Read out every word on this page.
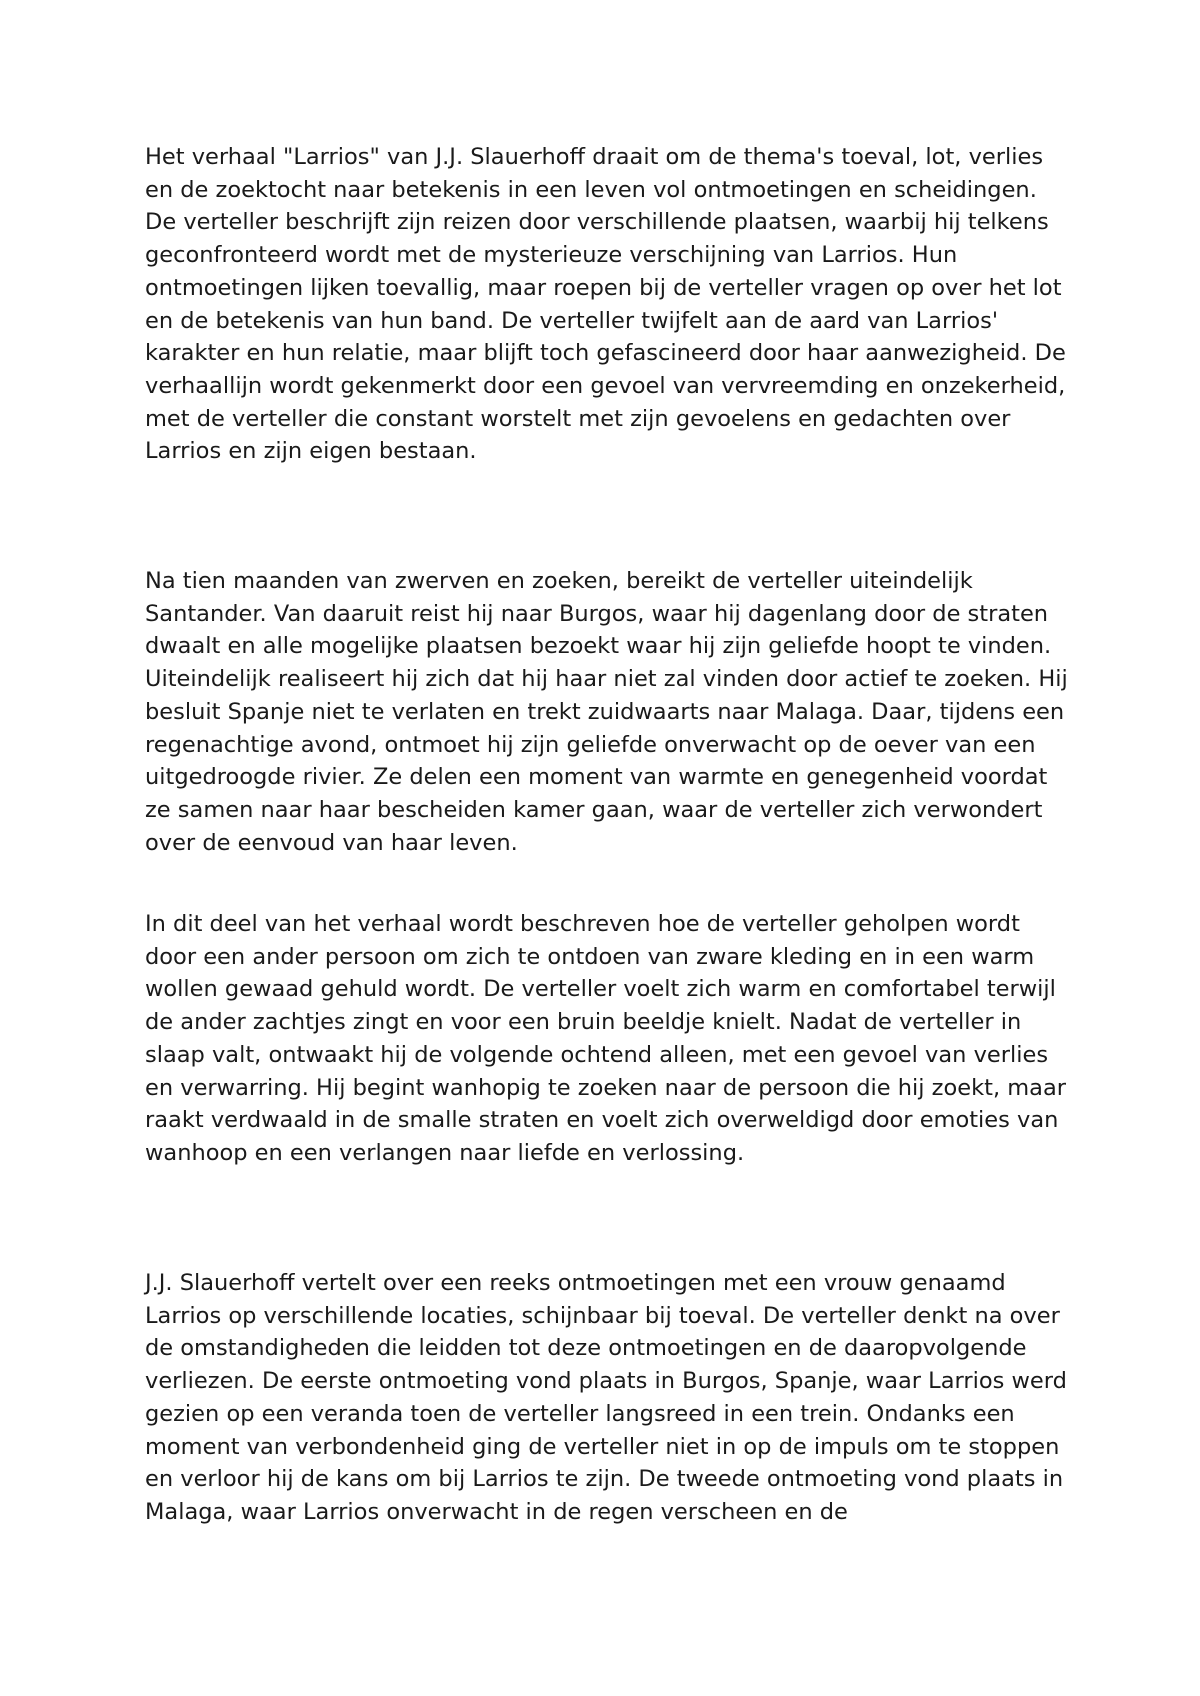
Het verhaal "Larrios" van J.J. Slauerhoff draait om de thema's toeval, lot, verlies en de zoektocht naar betekenis in een leven vol ontmoetingen en scheidingen. De verteller beschrijft zijn reizen door verschillende plaatsen, waarbij hij telkens geconfronteerd wordt met de mysterieuze verschijning van Larrios. Hun ontmoetingen lijken toevallig, maar roepen bij de verteller vragen op over het lot en de betekenis van hun band. De verteller twijfelt aan de aard van Larrios' karakter en hun relatie, maar blijft toch gefascineerd door haar aanwezigheid. De verhaallijn wordt gekenmerkt door een gevoel van vervreemding en onzekerheid, met de verteller die constant worstelt met zijn gevoelens en gedachten over Larrios en zijn eigen bestaan.

Na tien maanden van zwerven en zoeken, bereikt de verteller uiteindelijk Santander. Van daaruit reist hij naar Burgos, waar hij dagenlang door de straten dwaalt en alle mogelijke plaatsen bezoekt waar hij zijn geliefde hoopt te vinden. Uiteindelijk realiseert hij zich dat hij haar niet zal vinden door actief te zoeken. Hij besluit Spanje niet te verlaten en trekt zuidwaarts naar Malaga. Daar, tijdens een regenachtige avond, ontmoet hij zijn geliefde onverwacht op de oever van een uitgedroogde rivier. Ze delen een moment van warmte en genegenheid voordat ze samen naar haar bescheiden kamer gaan, waar de verteller zich verwondert over de eenvoud van haar leven.

In dit deel van het verhaal wordt beschreven hoe de verteller geholpen wordt door een ander persoon om zich te ontdoen van zware kleding en in een warm wollen gewaad gehuld wordt. De verteller voelt zich warm en comfortabel terwijl de ander zachtjes zingt en voor een bruin beeldje knielt. Nadat de verteller in slaap valt, ontwaakt hij de volgende ochtend alleen, met een gevoel van verlies en verwarring. Hij begint wanhopig te zoeken naar de persoon die hij zoekt, maar raakt verdwaald in de smalle straten en voelt zich overweldigd door emoties van wanhoop en een verlangen naar liefde en verlossing.

J.J. Slauerhoff vertelt over een reeks ontmoetingen met een vrouw genaamd Larrios op verschillende locaties, schijnbaar bij toeval. De verteller denkt na over de omstandigheden die leidden tot deze ontmoetingen en de daaropvolgende verliezen. De eerste ontmoeting vond plaats in Burgos, Spanje, waar Larrios werd gezien op een veranda toen de verteller langsreed in een trein. Ondanks een moment van verbondenheid ging de verteller niet in op de impuls om te stoppen en verloor hij de kans om bij Larrios te zijn. De tweede ontmoeting vond plaats in Malaga, waar Larrios onverwacht in de regen verscheen en de
